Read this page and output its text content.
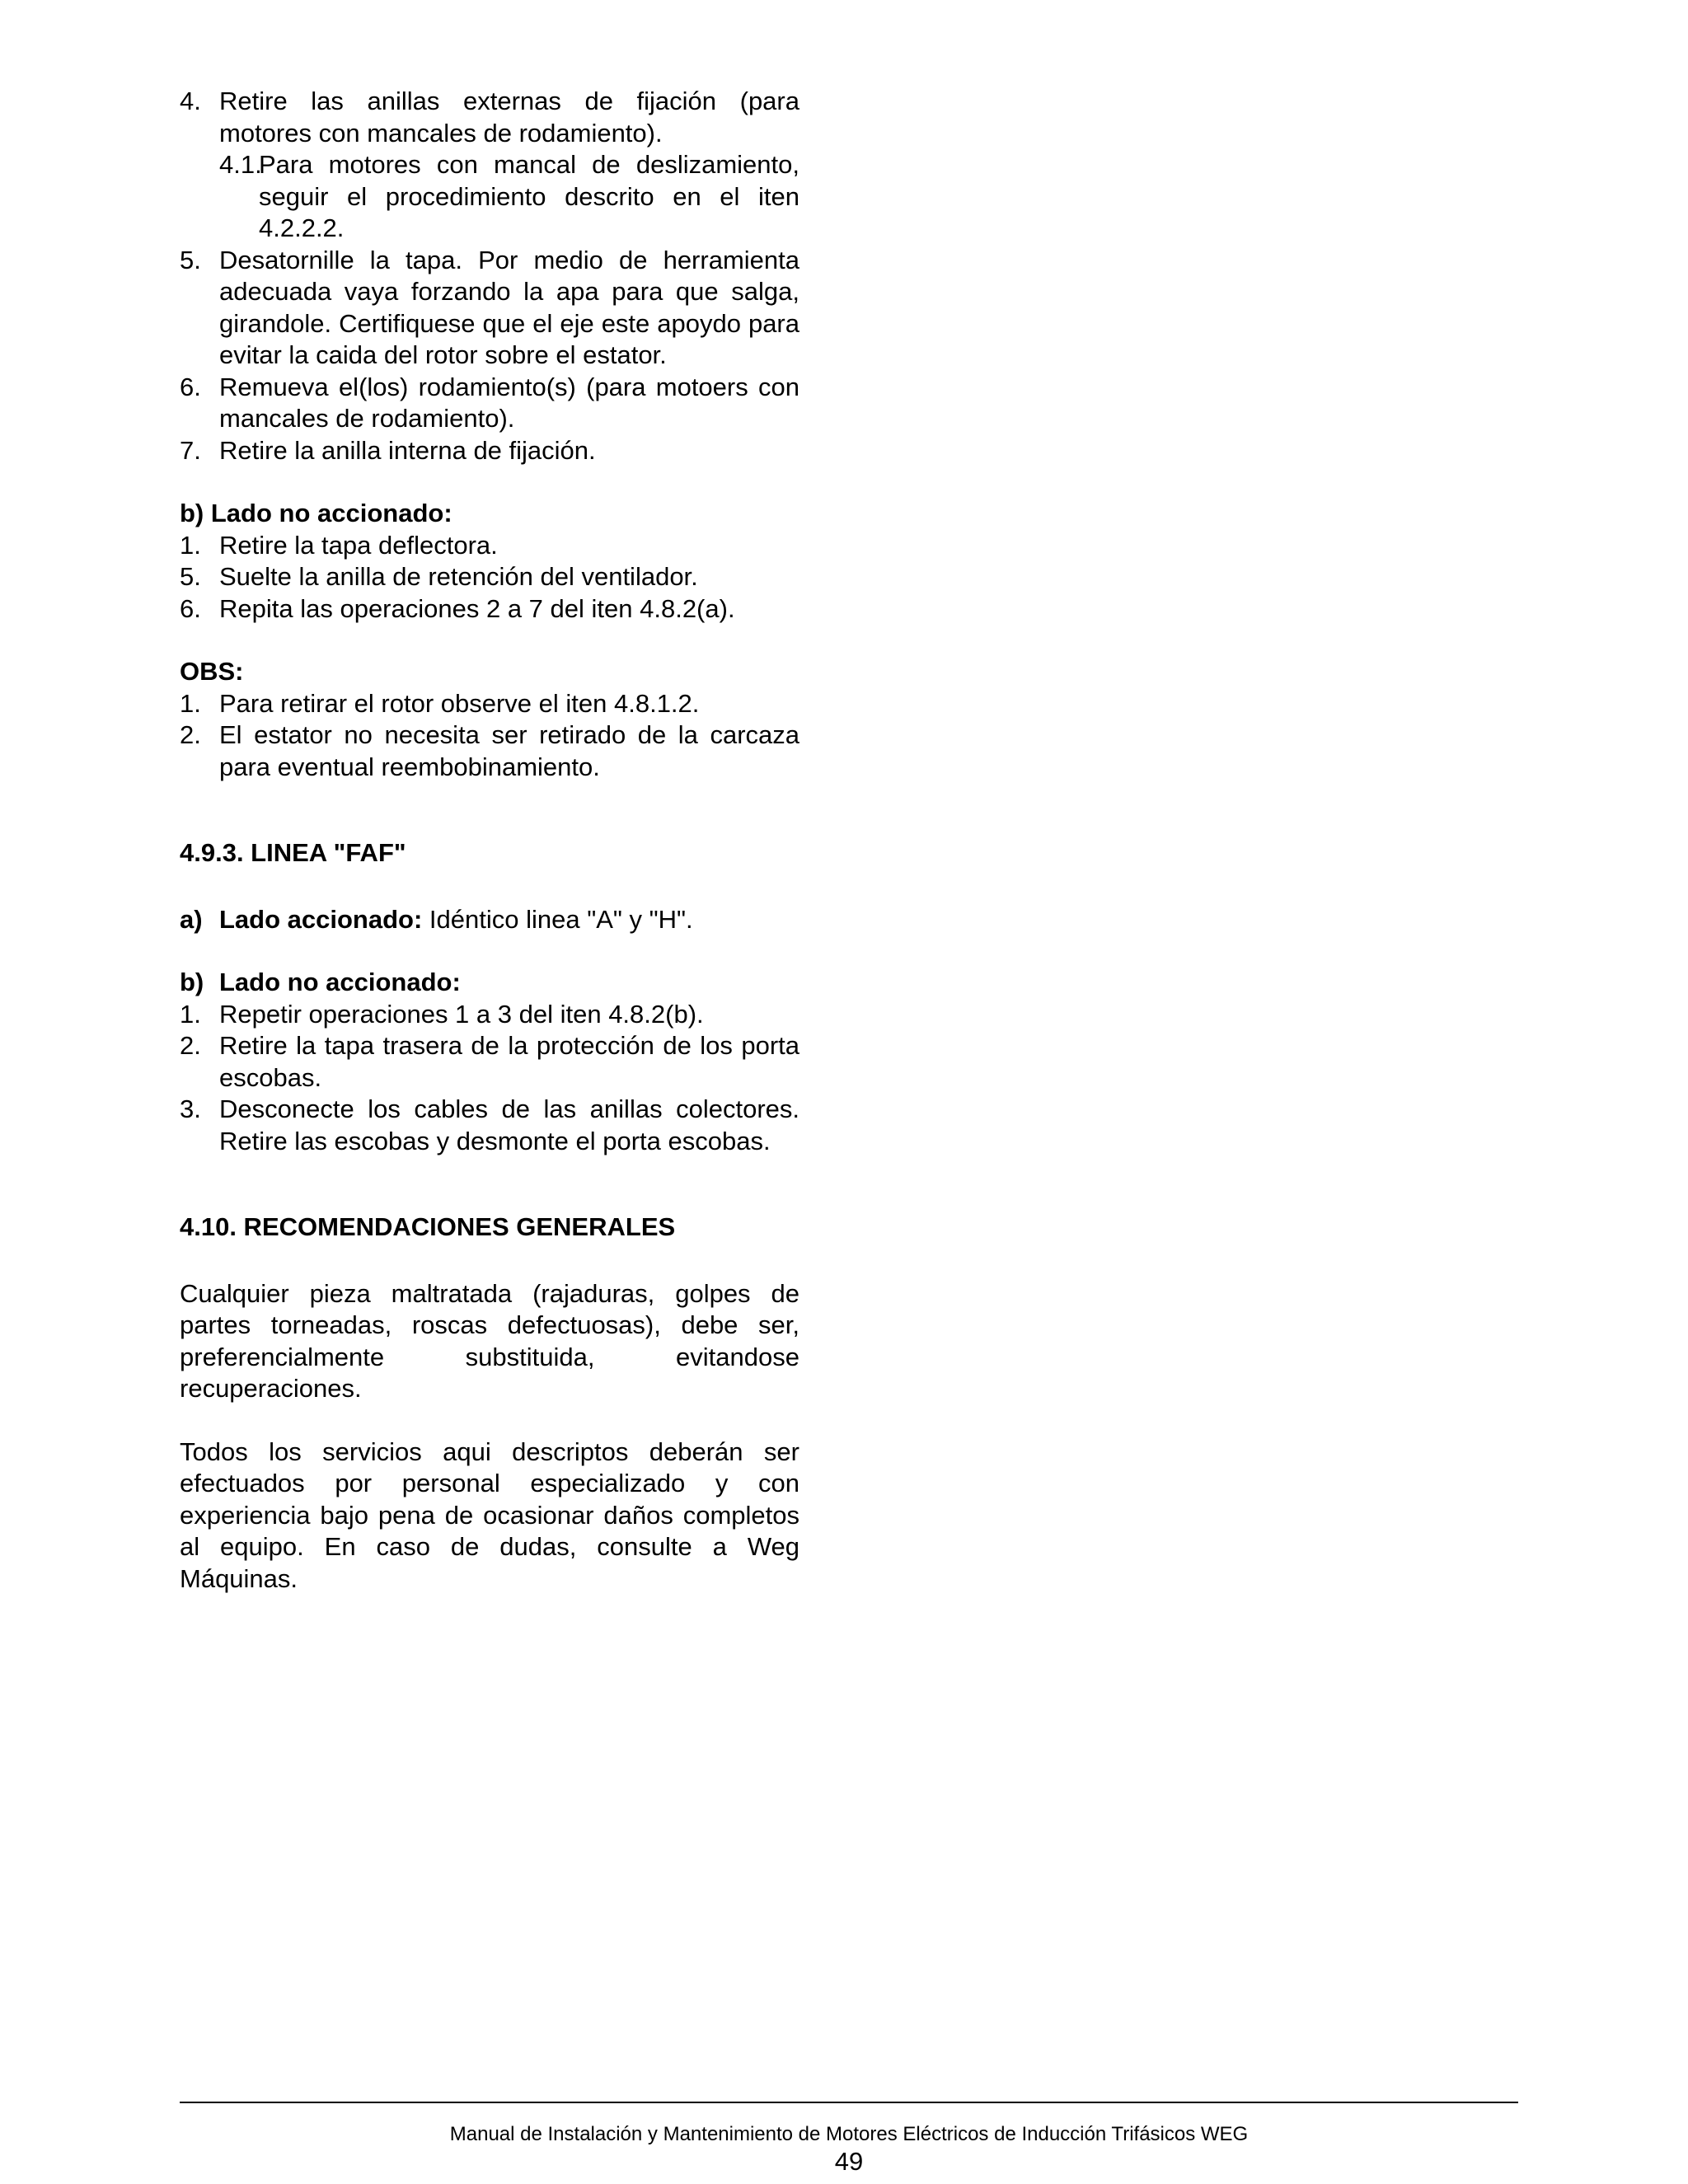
4. Retire las anillas externas de fijación (para motores con mancales de rodamiento).
4.1.
Para motores con mancal de deslizamiento, seguir el procedimiento descrito en el iten 4.2.2.2.
5. Desatornille la tapa. Por medio de herramienta adecuada vaya forzando la apa para que salga, girandole. Certifiquese que el eje este apoydo para evitar la caida del rotor sobre el estator.
6. Remueva el(los) rodamiento(s) (para motoers con mancales de rodamiento).
7. Retire la anilla interna de fijación.
b) Lado no accionado:
1. Retire la tapa deflectora.
5. Suelte la anilla de retención del ventilador.
6. Repita las operaciones 2 a 7 del iten 4.8.2(a).
OBS:
1. Para retirar el rotor observe el iten 4.8.1.2.
2. El estator no necesita ser retirado de la carcaza para eventual reembobinamiento.
4.9.3. LINEA "FAF"
a) Lado accionado: Idéntico linea "A" y "H".
b) Lado no accionado:
1. Repetir operaciones 1 a 3 del iten 4.8.2(b).
2. Retire la tapa trasera de la protección de los porta escobas.
3. Desconecte los cables de las anillas colectores. Retire las escobas y desmonte el porta escobas.
4.10. RECOMENDACIONES GENERALES
Cualquier pieza maltratada (rajaduras, golpes de partes torneadas, roscas defectuosas), debe ser, preferencialmente substituida, evitandose recuperaciones.
Todos los servicios aqui descriptos deberán ser efectuados por personal especializado y con experiencia bajo pena de ocasionar daños completos al equipo. En caso de dudas, consulte a Weg Máquinas.
Manual de Instalación y Mantenimiento de Motores Eléctricos de Inducción Trifásicos WEG
49
